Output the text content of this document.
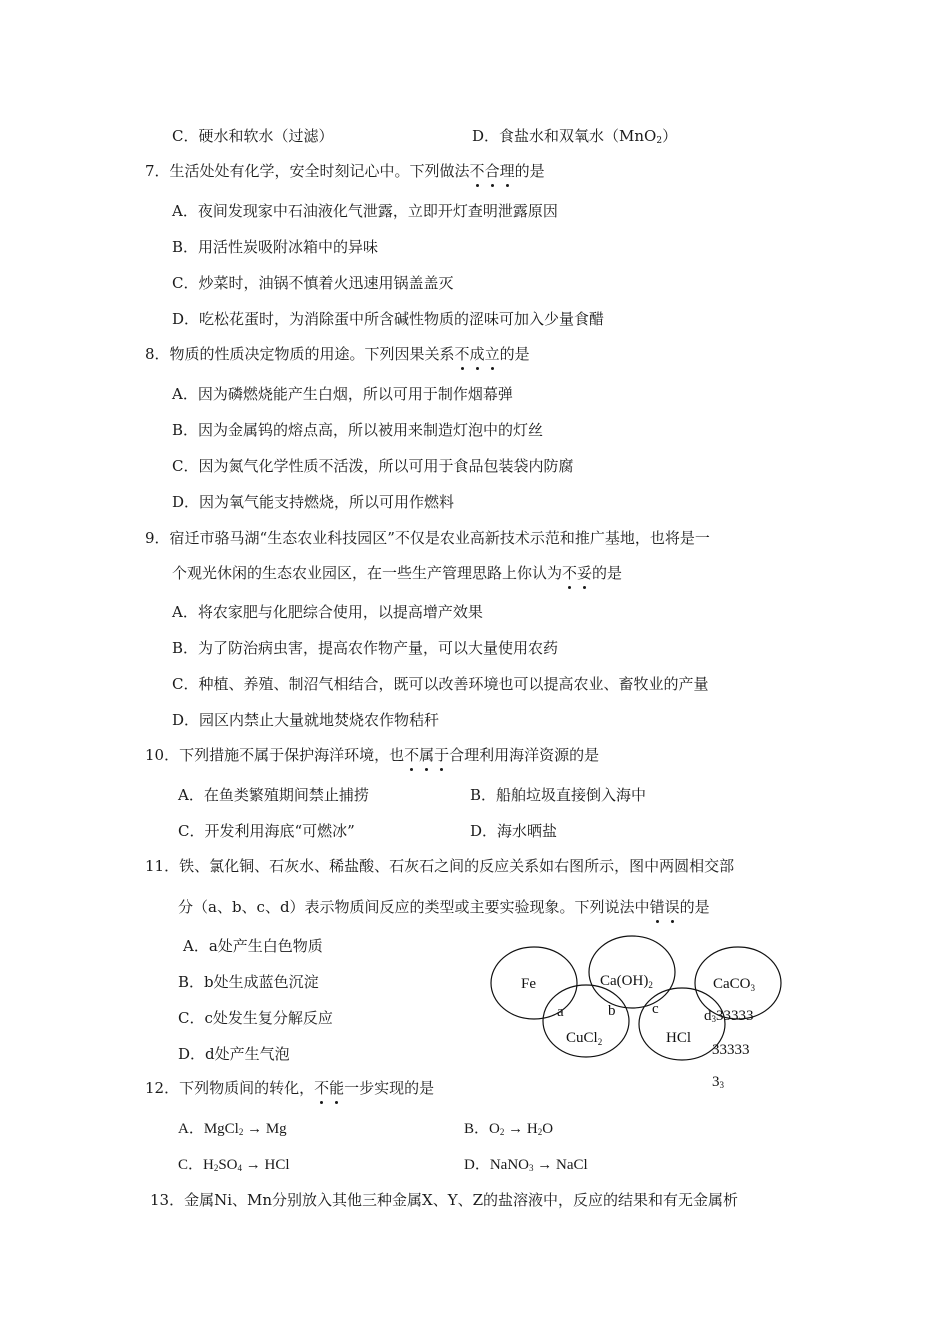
C．硬水和软水（过滤）	D．食盐水和双氧水（MnO$_2$）
7．生活处处有化学，安全时刻记心中。下列做法不合理的是
A．夜间发现家中石油液化气泄露，立即开灯查明泄露原因
B．用活性炭吸附冰箱中的异味
C．炒菜时，油锅不慎着火迅速用锅盖盖灭
D．吃松花蛋时，为消除蛋中所含碱性物质的涩味可加入少量食醋
8．物质的性质决定物质的用途。下列因果关系不成立的是
A．因为磷燃烧能产生白烟，所以可用于制作烟幕弹
B．因为金属钨的熔点高，所以被用来制造灯泡中的灯丝
C．因为氮气化学性质不活泼，所以可用于食品包装袋内防腐
D．因为氧气能支持燃烧，所以可用作燃料
9．宿迁市骆马湖“生态农业科技园区”不仅是农业高新技术示范和推广基地，也将是一
个观光休闲的生态农业园区，在一些生产管理思路上你认为不妥的是
A．将农家肥与化肥综合使用，以提高增产效果
B．为了防治病虫害，提高农作物产量，可以大量使用农药
C．种植、养殖、制沼气相结合，既可以改善环境也可以提高农业、畜牧业的产量
D．园区内禁止大量就地焚烧农作物秸秆
10．下列措施不属于保护海洋环境，也不属于合理利用海洋资源的是
A．在鱼类繁殖期间禁止捕捞	B．船舶垃圾直接倒入海中
C．开发利用海底“可燃冰”	D．海水晒盐
11．铁、氯化铜、石灰水、稀盐酸、石灰石之间的反应关系如右图所示，图中两圆相交部
分（a、b、c、d）表示物质间反应的类型或主要实验现象。下列说法中错误的是
A．a处产生白色物质
B．b处生成蓝色沉淀
C．c处发生复分解反应
D．d处产生气泡
Fe	$Ca(OH)_2$	CaCO$_3$
CuCl$_2$	HCl
a	b c	d333333
33333
33
12．下列物质间的转化，不能一步实现的是
A．MgCl$_2$ → Mg	B．$O_2 \to H_2O$
C．$H_2SO_4$ → HCl	D．NaNO$_3$ → NaCl
13．金属Ni、Mn分别放入其他三种金属X、Y、Z的盐溶液中，反应的结果和有无金属析
